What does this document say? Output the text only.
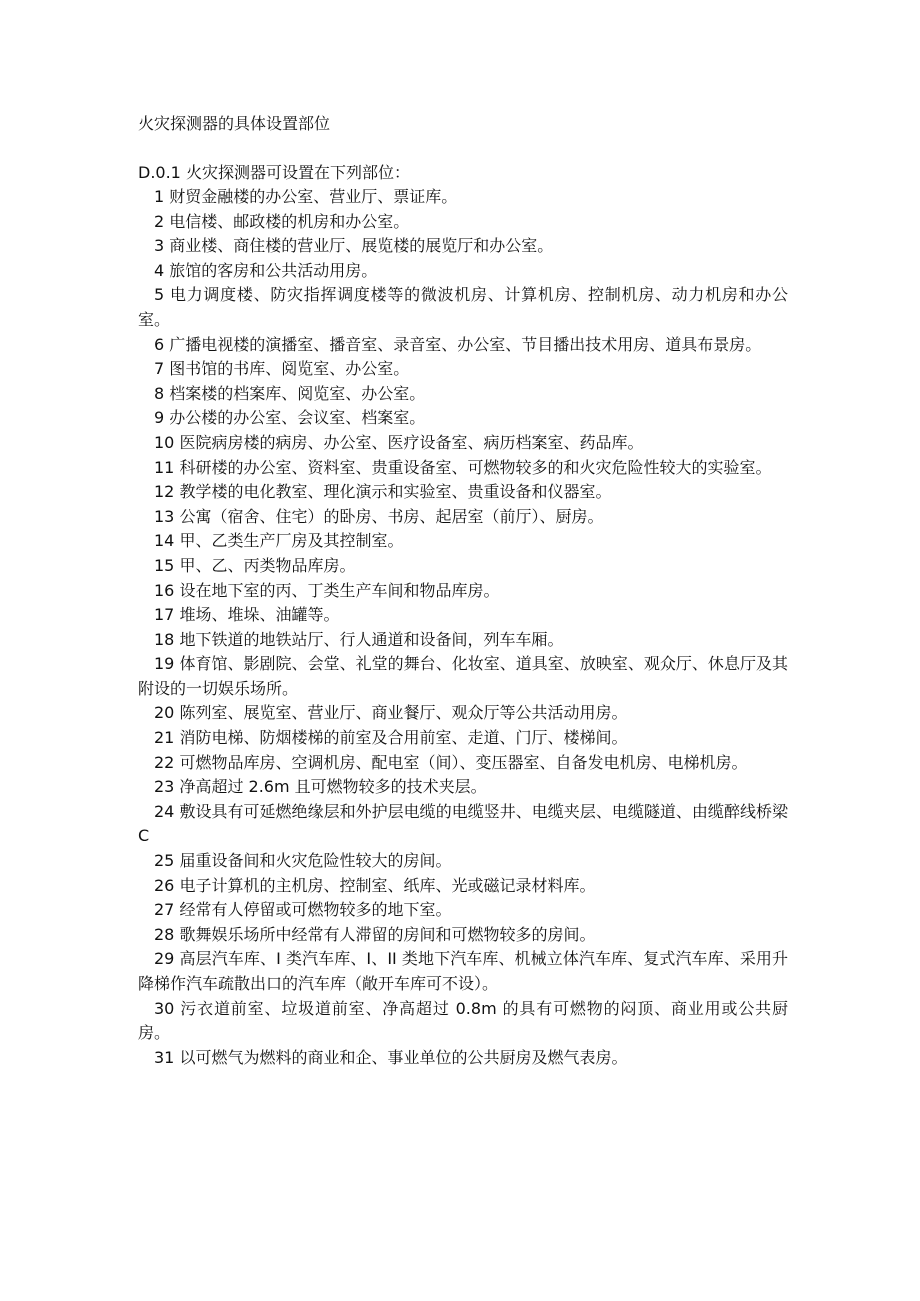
火灾探测器的具体设置部位

D.0.1 火灾探测器可设置在下列部位：

1 财贸金融楼的办公室、营业厅、票证库。

2 电信楼、邮政楼的机房和办公室。

3 商业楼、商住楼的营业厅、展览楼的展览厅和办公室。

4 旅馆的客房和公共活动用房。

5 电力调度楼、防灾指挥调度楼等的微波机房、计算机房、控制机房、动力机房和办公室。

6 广播电视楼的演播室、播音室、录音室、办公室、节目播出技术用房、道具布景房。

7 图书馆的书库、阅览室、办公室。

8 档案楼的档案库、阅览室、办公室。

9 办公楼的办公室、会议室、档案室。

10 医院病房楼的病房、办公室、医疗设备室、病历档案室、药品库。

11 科研楼的办公室、资料室、贵重设备室、可燃物较多的和火灾危险性较大的实验室。

12 教学楼的电化教室、理化演示和实验室、贵重设备和仪器室。

13 公寓（宿舍、住宅）的卧房、书房、起居室（前厅）、厨房。

14 甲、乙类生产厂房及其控制室。

15 甲、乙、丙类物品库房。

16 设在地下室的丙、丁类生产车间和物品库房。

17 堆场、堆垛、油罐等。

18 地下铁道的地铁站厅、行人通道和设备间，列车车厢。

19 体育馆、影剧院、会堂、礼堂的舞台、化妆室、道具室、放映室、观众厅、休息厅及其附设的一切娱乐场所。

20 陈列室、展览室、营业厅、商业餐厅、观众厅等公共活动用房。

21 消防电梯、防烟楼梯的前室及合用前室、走道、门厅、楼梯间。

22 可燃物品库房、空调机房、配电室（间）、变压器室、自备发电机房、电梯机房。

23 净高超过 2.6m 且可燃物较多的技术夹层。

24 敷设具有可延燃绝缘层和外护层电缆的电缆竖井、电缆夹层、电缆隧道、由缆醉线桥梁C

25 届重设备间和火灾危险性较大的房间。

26 电子计算机的主机房、控制室、纸库、光或磁记录材料库。

27 经常有人停留或可燃物较多的地下室。

28 歌舞娱乐场所中经常有人滞留的房间和可燃物较多的房间。

29 高层汽车库、I 类汽车库、I、II 类地下汽车库、机械立体汽车库、复式汽车库、采用升降梯作汽车疏散出口的汽车库（敞开车库可不设）。

30 污衣道前室、垃圾道前室、净高超过 0.8m 的具有可燃物的闷顶、商业用或公共厨房。

31 以可燃气为燃料的商业和企、事业单位的公共厨房及燃气表房。
